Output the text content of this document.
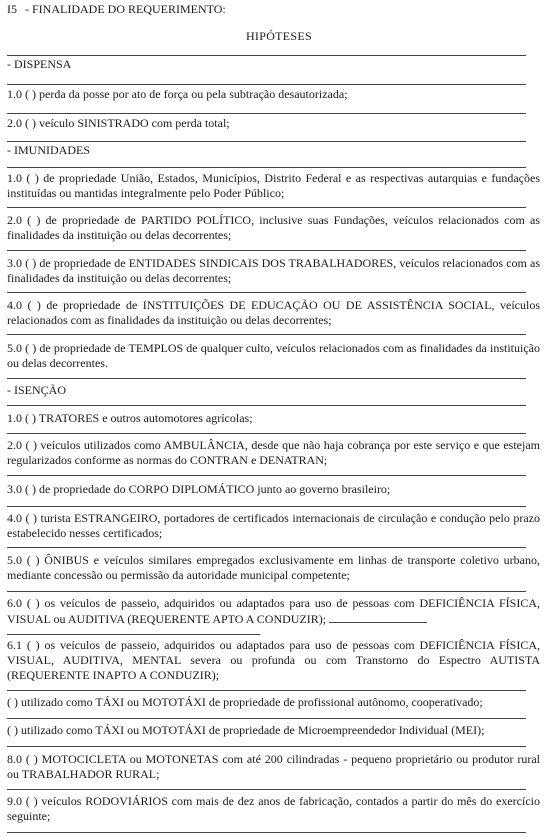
I5 - FINALIDADE DO REQUERIMENTO:
HIPÓTESES
- DISPENSA
1.0 ( ) perda da posse por ato de força ou pela subtração desautorizada;
2.0 ( ) veículo SINISTRADO com perda total;
- IMUNIDADES
1.0 ( ) de propriedade União, Estados, Municípios, Distrito Federal e as respectivas autarquias e fundações instituídas ou mantidas integralmente pelo Poder Público;
2.0 ( ) de propriedade de PARTIDO POLÍTICO, inclusive suas Fundações, veículos relacionados com as finalidades da instituição ou delas decorrentes;
3.0 ( ) de propriedade de ENTIDADES SINDICAIS DOS TRABALHADORES, veículos relacionados com as finalidades da instituição ou delas decorrentes;
4.0 ( ) de propriedade de INSTITUIÇÕES DE EDUCAÇÃO OU DE ASSISTÊNCIA SOCIAL, veículos relacionados com as finalidades da instituição ou delas decorrentes;
5.0 ( ) de propriedade de TEMPLOS de qualquer culto, veículos relacionados com as finalidades da instituição ou delas decorrentes.
- ISENÇÃO
1.0 ( ) TRATORES e outros automotores agrícolas;
2.0 ( ) veículos utilizados como AMBULÂNCIA, desde que não haja cobrança por este serviço e que estejam regularizados conforme as normas do CONTRAN e DENATRAN;
3.0 ( ) de propriedade do CORPO DIPLOMÁTICO junto ao governo brasileiro;
4.0 ( ) turista ESTRANGEIRO, portadores de certificados internacionais de circulação e condução pelo prazo estabelecido nesses certificados;
5.0 ( ) ÔNIBUS e veículos similares empregados exclusivamente em linhas de transporte coletivo urbano, mediante concessão ou permissão da autoridade municipal competente;
6.0 ( ) os veículos de passeio, adquiridos ou adaptados para uso de pessoas com DEFICIÊNCIA FÍSICA, VISUAL ou AUDITIVA (REQUERENTE APTO A CONDUZIR);
6.1 ( ) os veículos de passeio, adquiridos ou adaptados para uso de pessoas com DEFICIÊNCIA FÍSICA, VISUAL, AUDITIVA, MENTAL severa ou profunda ou com Transtorno do Espectro AUTISTA (REQUERENTE INAPTO A CONDUZIR);
( ) utilizado como TÁXI ou MOTOTÁXI de propriedade de profissional autônomo, cooperativado;
( ) utilizado como TÁXI ou MOTOTÁXI de propriedade de Microempreendedor Individual (MEI);
8.0 ( ) MOTOCICLETA ou MOTONETAS com até 200 cilindradas - pequeno proprietário ou produtor rural ou TRABALHADOR RURAL;
9.0 ( ) veículos RODOVIÁRIOS com mais de dez anos de fabricação, contados a partir do mês do exercício seguinte;
